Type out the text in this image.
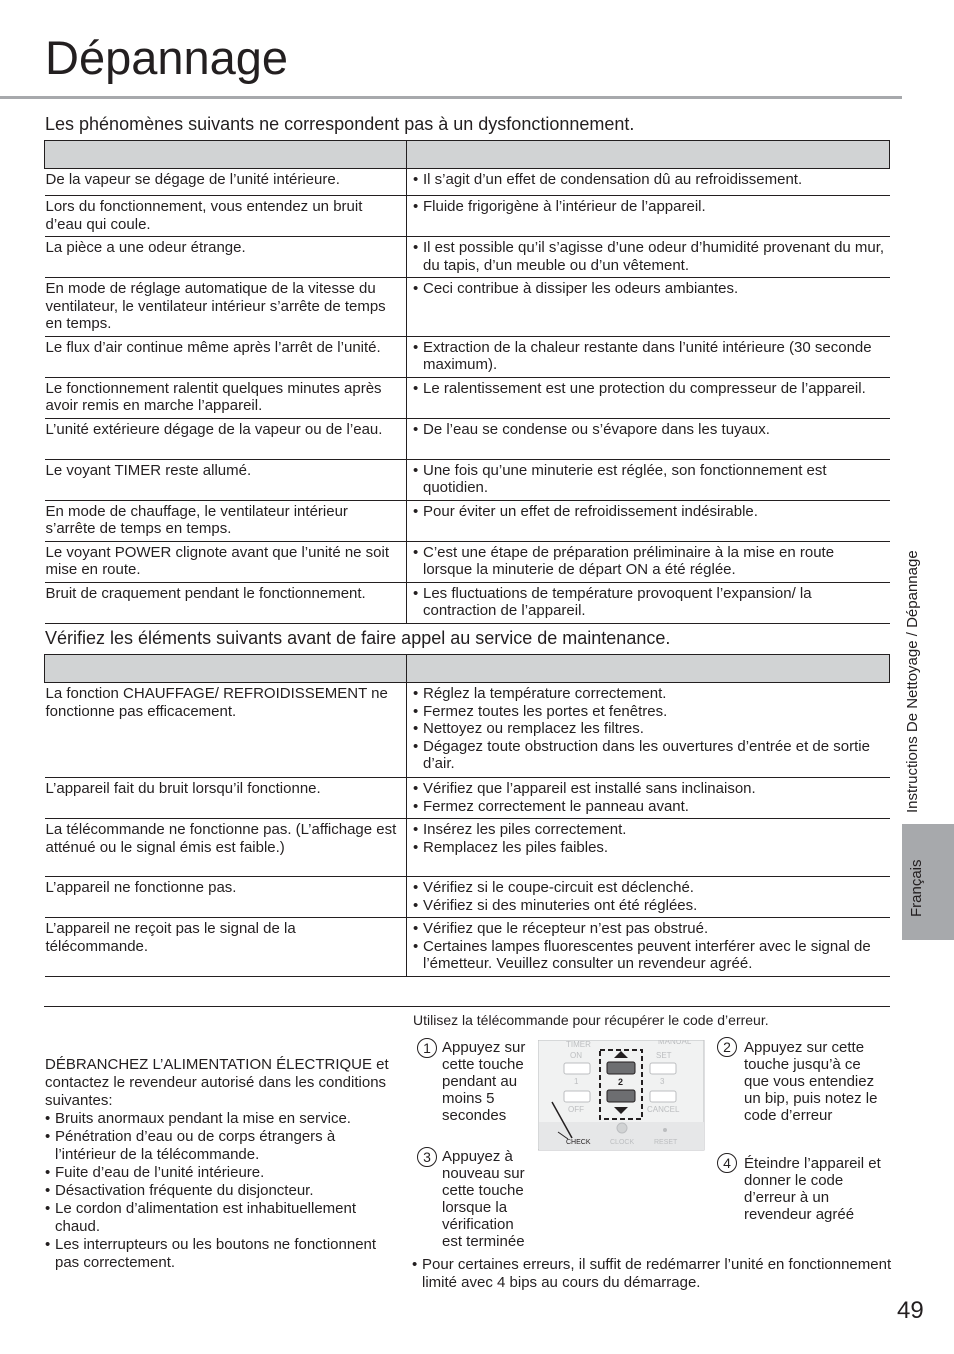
Dépannage

Les phénomènes suivants ne correspondent pas à un dysfonctionnement.

De la vapeur se dégage de l’unité intérieure.	• Il s’agit d’un effet de condensation dû au refroidissement.

Lors du fonctionnement, vous entendez un bruit d’eau qui coule.	• Fluide frigorigène à l’intérieur de l’appareil.

La pièce a une odeur étrange.	• Il est possible qu’il s’agisse d’une odeur d’humidité provenant du mur, du tapis, d’un meuble ou d’un vêtement.

En mode de réglage automatique de la vitesse du ventilateur, le ventilateur intérieur s’arrête de temps en temps.	• Ceci contribue à dissiper les odeurs ambiantes.

Le flux d’air continue même après l’arrêt de l’unité.	• Extraction de la chaleur restante dans l’unité intérieure (30 seconde maximum).

Le fonctionnement ralentit quelques minutes après avoir remis en marche l’appareil.	• Le ralentissement est une protection du compresseur de l’appareil.

L’unité extérieure dégage de la vapeur ou de l’eau.	• De l’eau se condense ou s’évapore dans les tuyaux.

Le voyant TIMER reste allumé.	• Une fois qu’une minuterie est réglée, son fonctionnement est quotidien.

En mode de chauffage, le ventilateur intérieur s’arrête de temps en temps.	• Pour éviter un effet de refroidissement indésirable.

Le voyant POWER clignote avant que l’unité ne soit mise en route.	• C’est une étape de préparation préliminaire à la mise en route lorsque la minuterie de départ ON a été réglée.

Bruit de craquement pendant le fonctionnement.	• Les fluctuations de température provoquent l’expansion/ la contraction de l’appareil.

Vérifiez les éléments suivants avant de faire appel au service de maintenance.

La fonction CHAUFFAGE/ REFROIDISSEMENT ne fonctionne pas efficacement.	• Réglez la température correctement.
• Fermez toutes les portes et fenêtres.
• Nettoyez ou remplacez les filtres.
• Dégagez toute obstruction dans les ouvertures d’entrée et de sortie d’air.

L’appareil fait du bruit lorsqu’il fonctionne.	• Vérifiez que l’appareil est installé sans inclinaison.
• Fermez correctement le panneau avant.

La télécommande ne fonctionne pas. (L’affichage est atténué ou le signal émis est faible.)	• Insérez les piles correctement.
• Remplacez les piles faibles.

L’appareil ne fonctionne pas.	• Vérifiez si le coupe-circuit est déclenché.
• Vérifiez si des minuteries ont été réglées.

L’appareil ne reçoit pas le signal de la télécommande.	• Vérifiez que le récepteur n’est pas obstrué.
• Certaines lampes fluorescentes peuvent interférer avec le signal de l’émetteur. Veuillez consulter un revendeur agréé.
DÉBRANCHEZ L’ALIMENTATION ÉLECTRIQUE et contactez le revendeur autorisé dans les conditions suivantes:
• Bruits anormaux pendant la mise en service.
• Pénétration d’eau ou de corps étrangers à l’intérieur de la télécommande.
• Fuite d’eau de l’unité intérieure.
• Désactivation fréquente du disjoncteur.
• Le cordon d’alimentation est inhabituellement chaud.
• Les interrupteurs ou les boutons ne fonctionnent pas correctement.
Utilisez la télécommande pour récupérer le code d’erreur.
TIMER	MANUAL
ON	SET
1	3
OFF	CANCEL
2
CHECK	CLOCK	RESET
1 Appuyez sur cette touche pendant au moins 5 secondes
2 Appuyez sur cette touche jusqu’à ce que vous entendiez un bip, puis notez le code d’erreur
3 Appuyez à nouveau sur cette touche lorsque la vérification est terminée
4 Éteindre l’appareil et donner le code d’erreur à un revendeur agréé
• Pour certaines erreurs, il suffit de redémarrer l’unité en fonctionnement limité avec 4 bips au cours du démarrage.
Instructions De Nettoyage / Dépannage
Français
49
